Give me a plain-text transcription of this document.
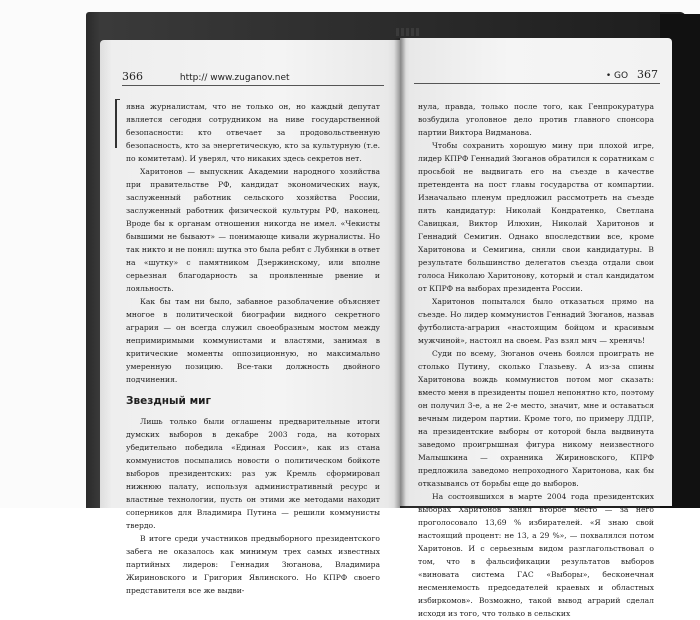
366	http:// www.zuganov.net

явна журналистам, что не только он, но каждый депутат является сегодня сотрудником на ниве государственной безопасности: кто отвечает за продовольственную безопасность, кто за энергетическую, кто за культурную (т.е. по комитетам). И уверял, что никаких здесь секретов нет.

Харитонов — выпускник Академии народного хозяйства при правительстве РФ, кандидат экономических наук, заслуженный работник сельского хозяйства России, заслуженный работник физической культуры РФ, наконец. Вроде бы к органам отношения никогда не имел. «Чекисты бывшими не бывают» — понимающе кивали журналисты. Но так никто и не понял: шутка это была ребят с Лубянки в ответ на «шутку» с памятником Дзержинскому, или вполне серьезная благодарность за проявленные рвение и лояльность.

Как бы там ни было, забавное разоблачение объясняет многое в политической биографии видного секретного агрария — он всегда служил своеобразным мостом между непримиримыми коммунистами и властями, занимая в критические моменты оппозиционную, но максимально умеренную позицию. Все-таки должность двойного подчинения.

Звездный миг

Лишь только были оглашены предварительные итоги думских выборов в декабре 2003 года, на которых убедительно победила «Единая Россия», как из стана коммунистов посыпались новости о политическом бойкоте выборов президентских: раз уж Кремль сформировал нижнюю палату, используя административный ресурс и властные технологии, пусть он этими же методами находит соперников для Владимира Путина — решили коммунисты твердо.

В итоге среди участников предвыборного президентского забега не оказалось как минимум трех самых известных партийных лидеров: Геннадия Зюганова, Владимира Жириновского и Григория Явлинского. Но КПРФ своего представителя все же выдви-

• GO 367

нула, правда, только после того, как Генпрокуратура возбудила уголовное дело против главного спонсора партии Виктора Видманова.

Чтобы сохранить хорошую мину при плохой игре, лидер КПРФ Геннадий Зюганов обратился к соратникам с просьбой не выдвигать его на съезде в качестве претендента на пост главы государства от компартии. Изначально пленум предложил рассмотреть на съезде пять кандидатур: Николай Кондратенко, Светлана Савицкая, Виктор Илюхин, Николай Харитонов и Геннадий Семигин. Однако впоследствии все, кроме Харитонова и Семигина, сняли свои кандидатуры. В результате большинство делегатов съезда отдали свои голоса Николаю Харитонову, который и стал кандидатом от КПРФ на выборах президента России.

Харитонов попытался было отказаться прямо на съезде. Но лидер коммунистов Геннадий Зюганов, назвав футболиста-агрария «настоящим бойцом и красивым мужчиной», настоял на своем. Раз взял мяч — хренячь!

Суди по всему, Зюганов очень боялся проиграть не столько Путину, сколько Глазьеву. А из-за спины Харитонова вождь коммунистов потом мог сказать: вместо меня в президенты пошел непонятно кто, поэтому он получил 3-е, а не 2-е место, значит, мне и оставаться вечным лидером партии. Кроме того, по примеру ЛДПР, на президентские выборы от которой была выдвинута заведомо проигрышная фигура никому неизвестного Малышкина — охранника Жириновского, КПРФ предложила заведомо непроходного Харитонова, как бы отказываясь от борьбы еще до выборов.

На состоявшихся в марте 2004 года президентских выборах Харитонов занял второе место — за него проголосовало 13,69 % избирателей. «Я знаю свой настоящий процент: не 13, а 29 %», — похвалялся потом Харитонов. И с серьезным видом разглагольствовал о том, что в фальсификации результатов выборов «виновата система ГАС «Выборы», бесконечная несменяемость председателей краевых и областных избиркомов». Возможно, такой вывод аграрий сделал исходя из того, что только в сельских
